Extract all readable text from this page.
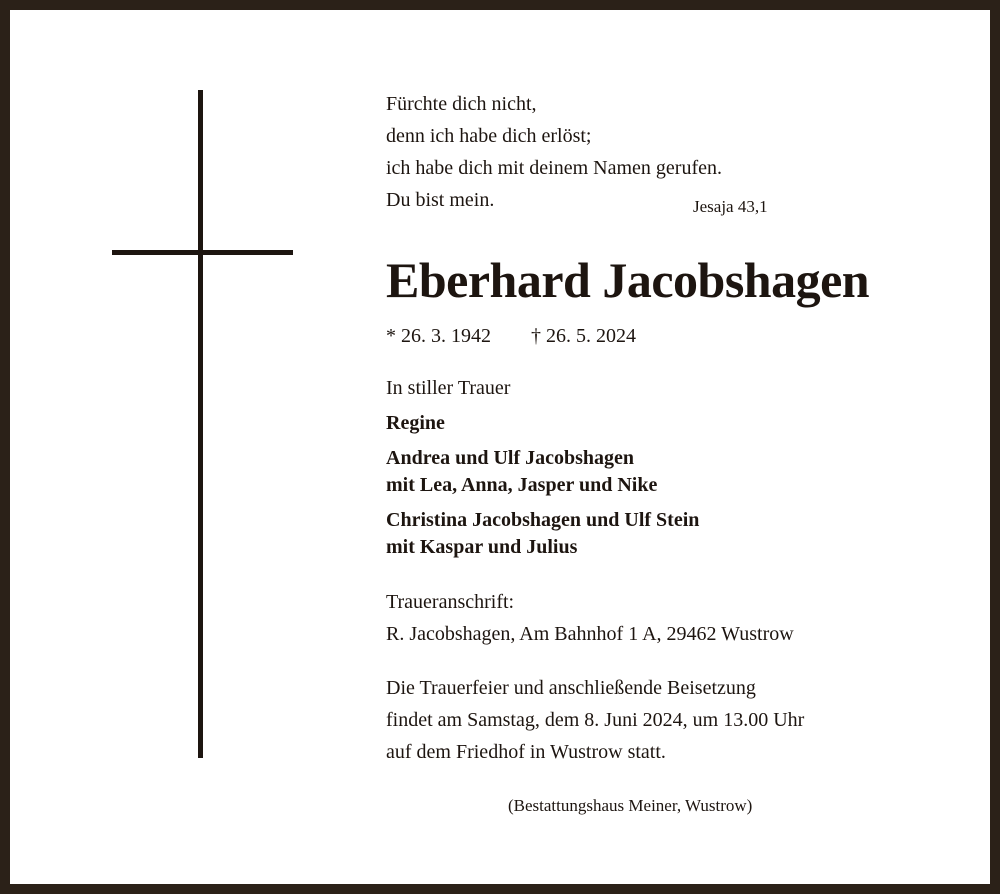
Fürchte dich nicht,
denn ich habe dich erlöst;
ich habe dich mit deinem Namen gerufen.
Du bist mein.	Jesaja 43,1
Eberhard Jacobshagen
* 26. 3. 1942 † 26. 5. 2024
In stiller Trauer
Regine
Andrea und Ulf Jacobshagen
mit Lea, Anna, Jasper und Nike
Christina Jacobshagen und Ulf Stein
mit Kaspar und Julius
Traueranschrift:
R. Jacobshagen, Am Bahnhof 1 A, 29462 Wustrow
Die Trauerfeier und anschließende Beisetzung
findet am Samstag, dem 8. Juni 2024, um 13.00 Uhr
auf dem Friedhof in Wustrow statt.
(Bestattungshaus Meiner, Wustrow)
